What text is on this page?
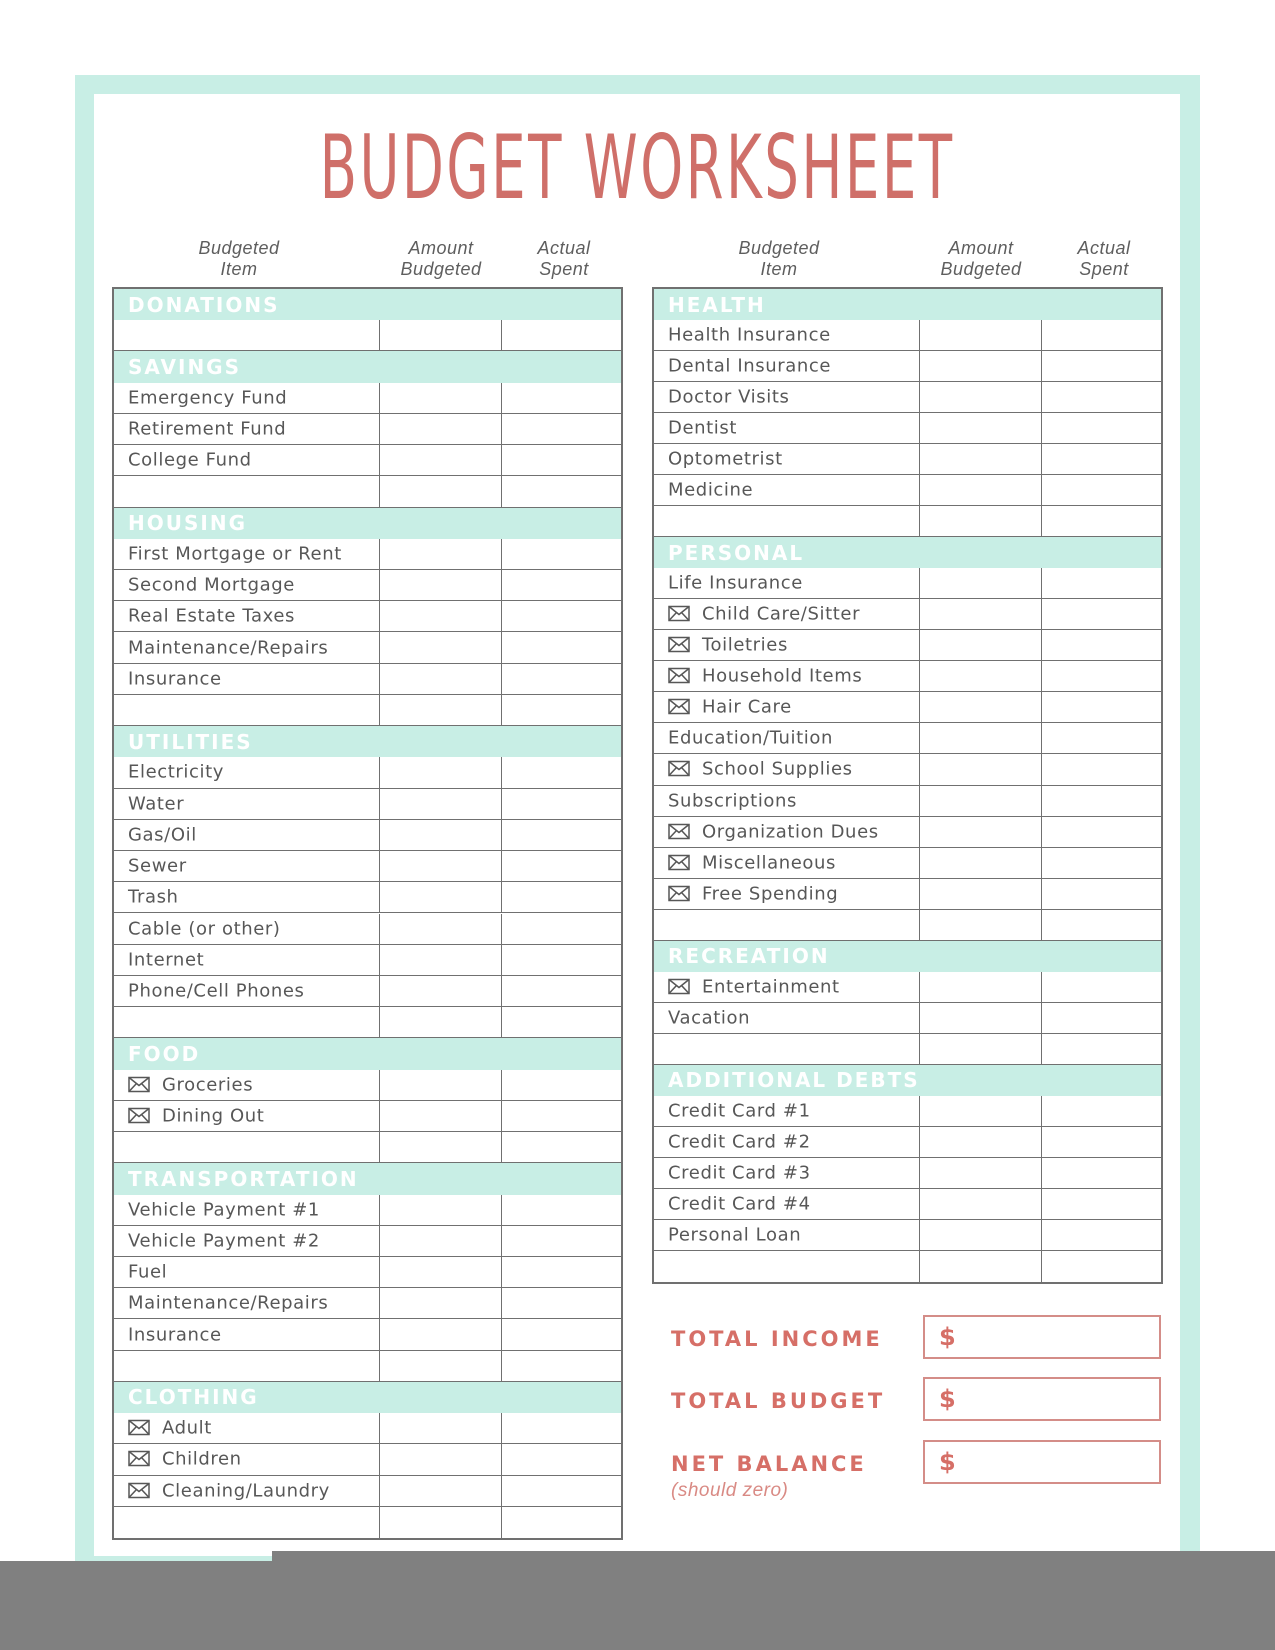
BUDGET WORKSHEET
Budgeted
Item
Amount
Budgeted
Actual
Spent
Budgeted
Item
Amount
Budgeted
Actual
Spent
DONATIONS
SAVINGS
Emergency Fund
Retirement Fund
College Fund
HOUSING
First Mortgage or Rent
Second Mortgage
Real Estate Taxes
Maintenance/Repairs
Insurance
UTILITIES
Electricity
Water
Gas/Oil
Sewer
Trash
Cable (or other)
Internet
Phone/Cell Phones
FOOD
Groceries
Dining Out
TRANSPORTATION
Vehicle Payment #1
Vehicle Payment #2
Fuel
Maintenance/Repairs
Insurance
CLOTHING
Adult
Children
Cleaning/Laundry
HEALTH
Health Insurance
Dental Insurance
Doctor Visits
Dentist
Optometrist
Medicine
PERSONAL
Life Insurance
Child Care/Sitter
Toiletries
Household Items
Hair Care
Education/Tuition
School Supplies
Subscriptions
Organization Dues
Miscellaneous
Free Spending
RECREATION
Entertainment
Vacation
ADDITIONAL DEBTS
Credit Card #1
Credit Card #2
Credit Card #3
Credit Card #4
Personal Loan
TOTAL INCOME $
TOTAL BUDGET $
NET BALANCE
(should zero)
$
